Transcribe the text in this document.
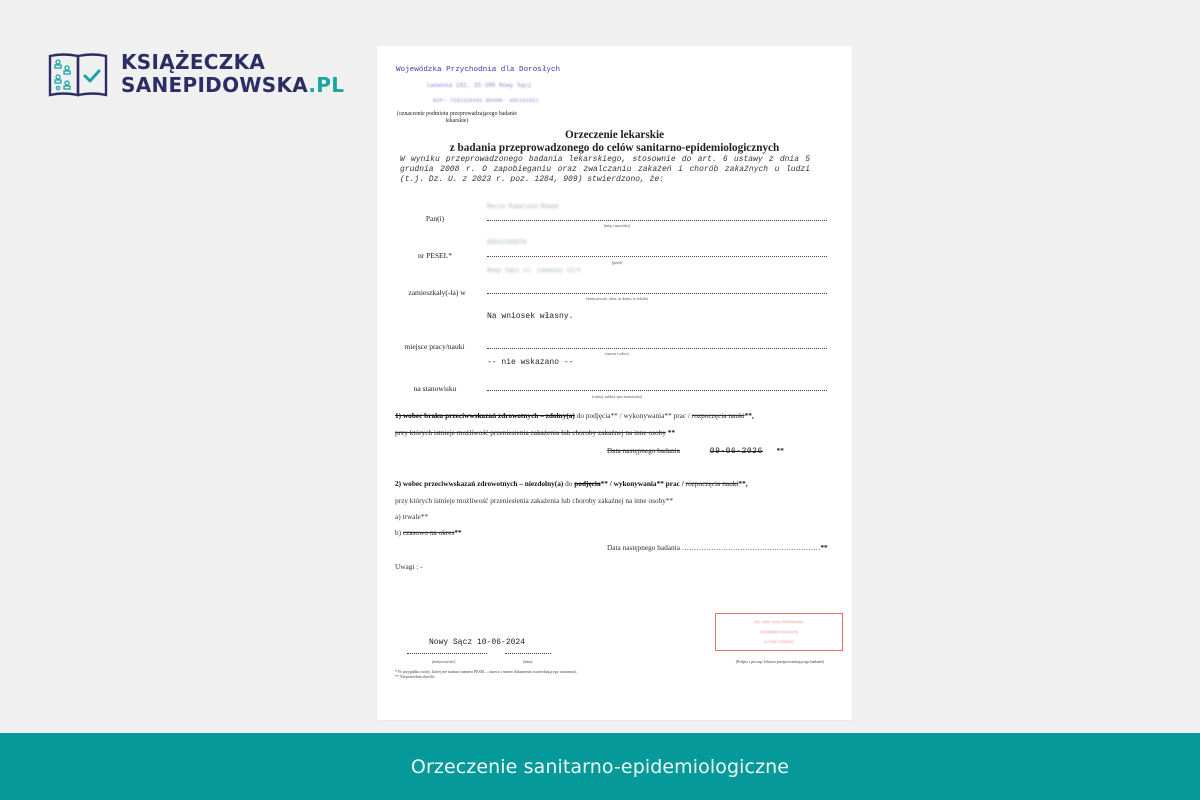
KSIĄŻECZKA
SANEPIDOWSKA.PL
Wojewódzka Przychodnia dla Dorosłych
Lwowska 192, 33-300 Nowy Sącz
NIP: 7342329342 REGON: 492101021
(oznaczenie podmiotu przeprowadzającego badanie lekarskie)
Orzeczenie lekarskie
z badania przeprowadzonego do celów sanitarno-epidemiologicznych
W wyniku przeprowadzonego badania lekarskiego, stosownie do art. 6 ustawy z dnia 5 grudnia 2008 r. O zapobieganiu oraz zwalczaniu zakażeń i chorób zakaźnych u ludzi (t.j. Dz. U. z 2023 r. poz. 1284, 909) stwierdzono, że:
Maria Kowalska-Nowak
Pan(i)
(imię i nazwisko)
85012345678
nr PESEL*
(pesel)
Nowy Sącz ul. Lwowska 12/4
zamieszkały(-ła) w
(miejscowość, ulica, nr domu, nr lokalu)
Na wniosek własny.
miejsce pracy/nauki
(nazwa i adres)
-- nie wskazano --
na stanowisku
(rodzaj, zakład, opis stanowiska)
1) wobec braku przeciwwskazań zdrowotnych – zdolny(a) do podjęcia** / wykonywania** prac / rozpoczęcia nauki**,
przy których istnieje możliwość przeniesienia zakażenia lub choroby zakaźnej na inne osoby **
Data następnego badania	09-06-2026 **
2) wobec przeciwwskazań zdrowotnych – niezdolny(a) do podjęcia** / wykonywania** prac / rozpoczęcia nauki**,
przy których istnieje możliwość przeniesienia zakażenia lub choroby zakaźnej na inne osoby**
a) trwale**
b) czasowo na okres**
Data następnego badania …………………………………………………**
Uwagi : -
Nowy Sącz 10-06-2024
(miejscowość)	(data)
lek. med. Anna Wiśniewska
specjalista medycyny
nr PWZ 1234567
(Podpis i pieczęć lekarza przeprowadzającego badanie)
* W przypadku osoby, której nie nadano numeru PESEL – nazwa i numer dokumentu stwierdzającego tożsamość.
** Niepotrzebne skreślić.
Orzeczenie sanitarno-epidemiologiczne
